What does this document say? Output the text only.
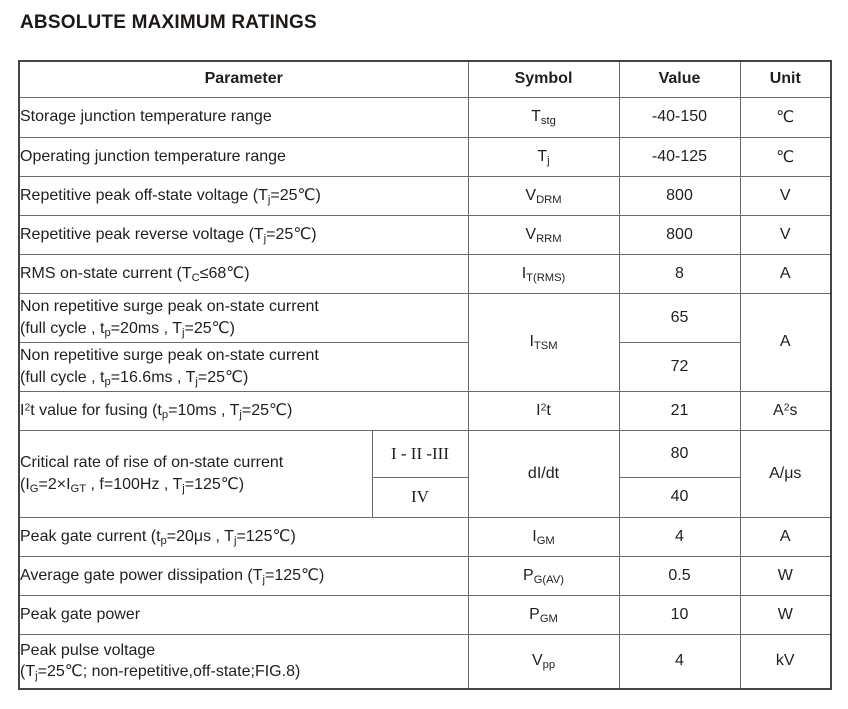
ABSOLUTE MAXIMUM RATINGS
Parameter		Symbol	Value	Unit
Storage junction temperature range		$T_{stg}$	-40-150	℃
Operating junction temperature range		$T_j$	-40-125	℃
Repetitive peak off-state voltage $(T_j=25℃)$		$V_{DRM}$	800	V
Repetitive peak reverse voltage $(T_j=25℃)$		$V_{RRM}$	800	V
RMS on-state current $(T_C\le 68℃)$		$I_{T(RMS)}$	8	A
Non repetitive surge peak on-state current
(full cycle , $t_p=20ms$ , $T_j=25℃$)		$I_{TSM}$	65	A
Non repetitive surge peak on-state current
(full cycle , $t_p=16.6ms$ , $T_j=25℃$)			72	
$I^2t$ value for fusing ($t_p=10ms$ , $T_j=25℃$)		$I^2t$	21	$A^2s$
Critical rate of rise of on-state current
($I_G=2\times I_{GT}$ , f=100Hz , $T_j=125℃$)	I - II -III	dI/dt	80	A/μs
	IV		40	
Peak gate current ($t_p=20\mu s$ , $T_j=125℃$)		$I_{GM}$	4	A
Average gate power dissipation $(T_j=125℃)$		$P_{G(AV)}$	0.5	W
Peak gate power		$P_{GM}$	10	W
Peak pulse voltage
($T_j=25℃$; non-repetitive,off-state;FIG.8)		$V_{pp}$	4	kV
